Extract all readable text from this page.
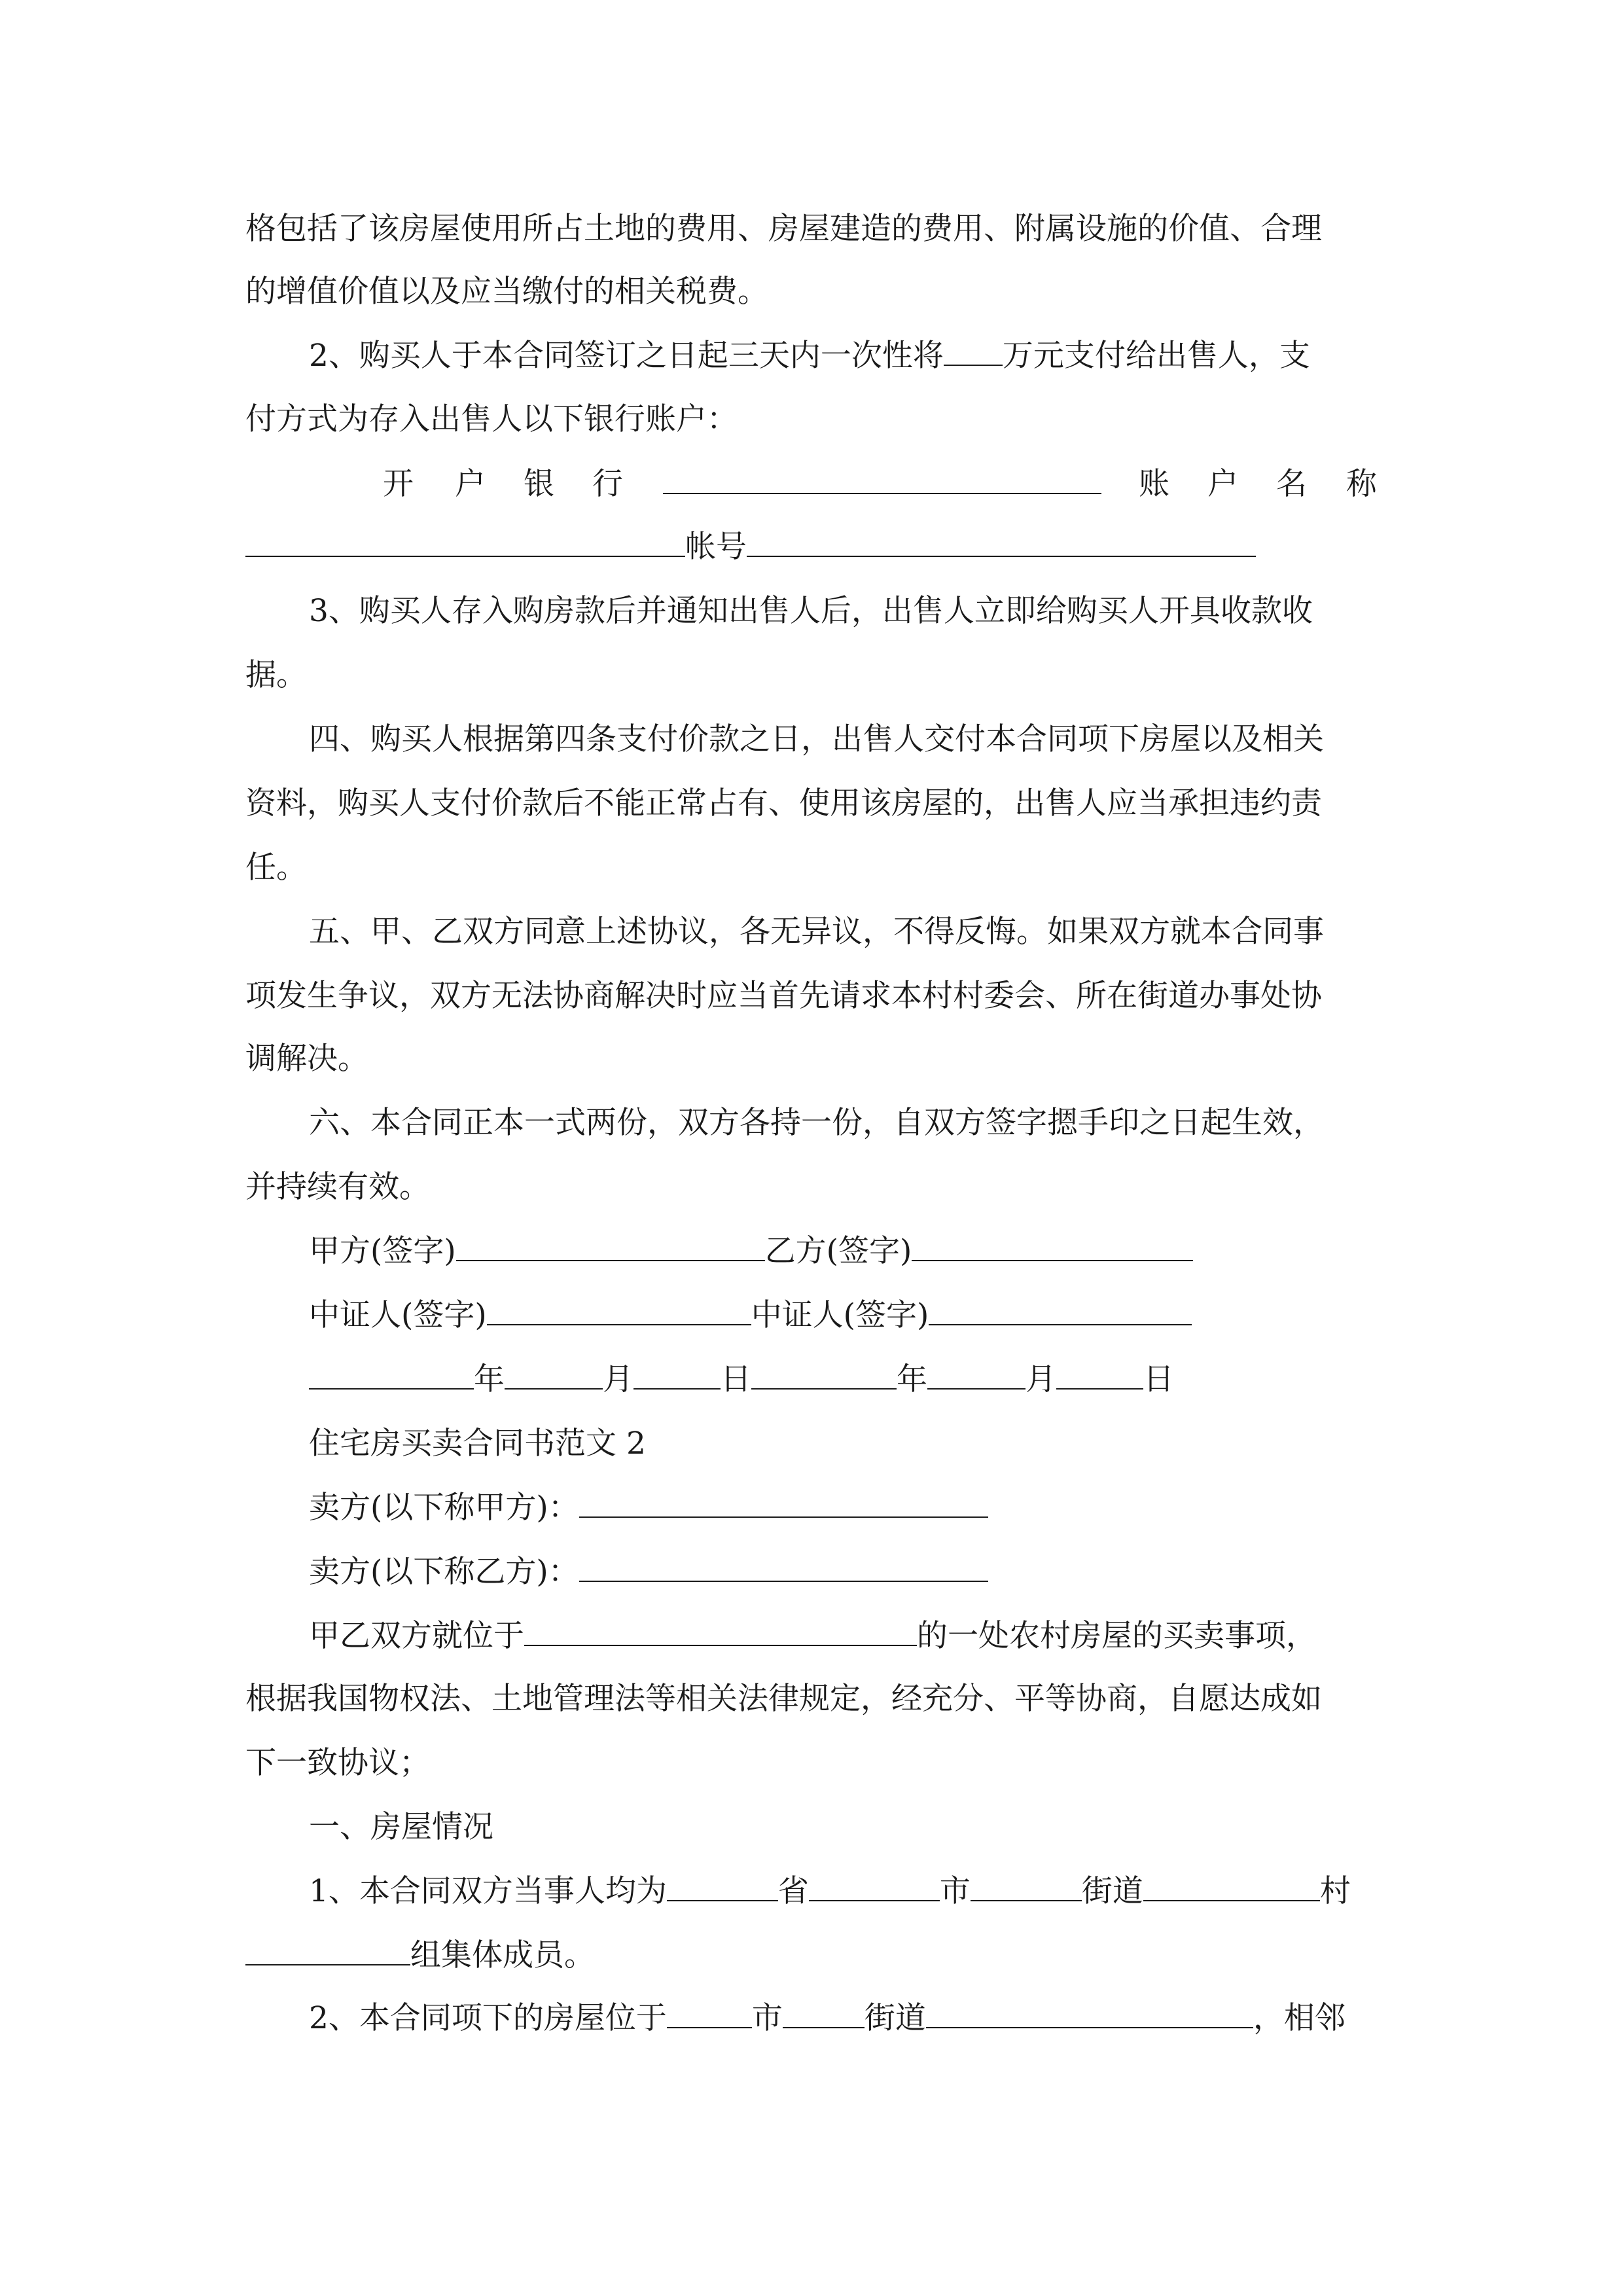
格包括了该房屋使用所占土地的费用、房屋建造的费用、附属设施的价值、合理
的增值价值以及应当缴付的相关税费。
2、购买人于本合同签订之日起三天内一次性将 万元支付给出售人，支
付方式为存入出售人以下银行账户：
开 户 银 行	账 户 名 称
帐号
3、购买人存入购房款后并通知出售人后，出售人立即给购买人开具收款收
据。
四、购买人根据第四条支付价款之日，出售人交付本合同项下房屋以及相关
资料，购买人支付价款后不能正常占有、使用该房屋的，出售人应当承担违约责
任。
五、甲、乙双方同意上述协议，各无异议，不得反悔。如果双方就本合同事
项发生争议，双方无法协商解决时应当首先请求本村村委会、所在街道办事处协
调解决。
六、本合同正本一式两份，双方各持一份，自双方签字摁手印之日起生效，
并持续有效。
甲方(签字)	乙方(签字)
中证人(签字)	中证人(签字)
年	月	日	年	月	日
住宅房买卖合同书范文 2
卖方(以下称甲方)：
卖方(以下称乙方)：
甲乙双方就位于	的一处农村房屋的买卖事项，
根据我国物权法、土地管理法等相关法律规定，经充分、平等协商，自愿达成如
下一致协议；
一、房屋情况
1、本合同双方当事人均为	省	市	街道	村
组集体成员。
2、本合同项下的房屋位于	市	街道	，相邻
